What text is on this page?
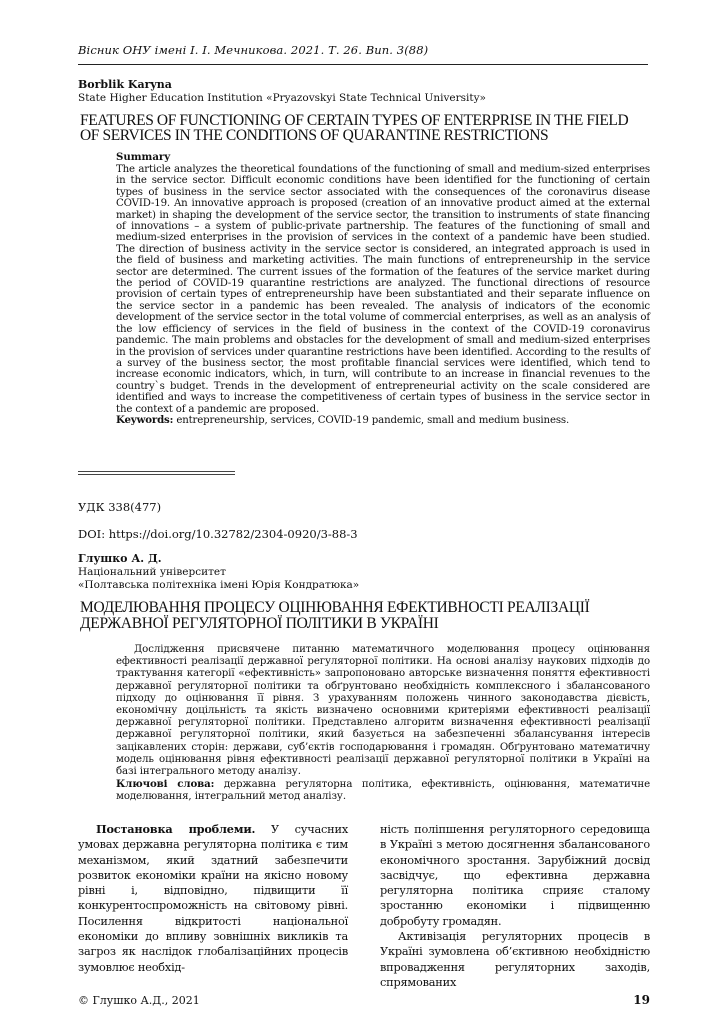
Вісник ОНУ імені І. І. Мечникова. 2021. Т. 26. Вип. 3(88)
Borblik Karyna
State Higher Education Institution «Pryazovskyi State Technical University»
FEATURES OF FUNCTIONING OF CERTAIN TYPES OF ENTERPRISE IN THE FIELD OF SERVICES IN THE CONDITIONS OF QUARANTINE RESTRICTIONS
Summary
The article analyzes the theoretical foundations of the functioning of small and medium-sized enterprises in the service sector. Difficult economic conditions have been identified for the functioning of certain types of business in the service sector associated with the consequences of the coronavirus disease COVID-19. An innovative approach is proposed (creation of an innovative product aimed at the external market) in shaping the development of the service sector, the transition to instruments of state financing of innovations – a system of public-private partnership. The features of the functioning of small and medium-sized enterprises in the provision of services in the context of a pandemic have been studied. The direction of business activity in the service sector is considered, an integrated approach is used in the field of business and marketing activities. The main functions of entrepreneurship in the service sector are determined. The current issues of the formation of the features of the service market during the period of COVID-19 quarantine restrictions are analyzed. The functional directions of resource provision of certain types of entrepreneurship have been substantiated and their separate influence on the service sector in a pandemic has been revealed. The analysis of indicators of the economic development of the service sector in the total volume of commercial enterprises, as well as an analysis of the low efficiency of services in the field of business in the context of the COVID-19 coronavirus pandemic. The main problems and obstacles for the development of small and medium-sized enterprises in the provision of services under quarantine restrictions have been identified. According to the results of a survey of the business sector, the most profitable financial services were identified, which tend to increase economic indicators, which, in turn, will contribute to an increase in financial revenues to the country`s budget. Trends in the development of entrepreneurial activity on the scale considered are identified and ways to increase the competitiveness of certain types of business in the service sector in the context of a pandemic are proposed.
Keywords: entrepreneurship, services, COVID-19 pandemic, small and medium business.
УДК 338(477)
DOI: https://doi.org/10.32782/2304-0920/3-88-3
Глушко А. Д.
Національний університет
«Полтавська політехніка імені Юрія Кондратюка»
МОДЕЛЮВАННЯ ПРОЦЕСУ ОЦІНЮВАННЯ ЕФЕКТИВНОСТІ РЕАЛІЗАЦІЇ ДЕРЖАВНОЇ РЕГУЛЯТОРНОЇ ПОЛІТИКИ В УКРАЇНІ
Дослідження присвячене питанню математичного моделювання процесу оцінювання ефективності реалізації державної регуляторної політики. На основі аналізу наукових підходів до трактування категорії «ефективність» запропоновано авторське визначення поняття ефективності державної регуляторної політики та обґрунтовано необхідність комплексного і збалансованого підходу до оцінювання її рівня. З урахуванням положень чинного законодавства дієвість, економічну доцільність та якість визначено основними критеріями ефективності реалізації державної регуляторної політики. Представлено алгоритм визначення ефективності реалізації державної регуляторної політики, який базується на забезпеченні збалансування інтересів зацікавлених сторін: держави, суб’єктів господарювання і громадян. Обґрунтовано математичну модель оцінювання рівня ефективності реалізації державної регуляторної політики в Україні на базі інтегрального методу аналізу.
Ключові слова: державна регуляторна політика, ефективність, оцінювання, математичне моделювання, інтегральний метод аналізу.

Постановка проблеми. У сучасних умовах державна регуляторна політика є тим механізмом, який здатний забезпечити розвиток економіки країни на якісно новому рівні і, відповідно, підвищити її конкурентоспроможність на світовому рівні. Посилення відкритості національної економіки до впливу зовнішніх викликів та загроз як наслідок глобалізаційних процесів зумовлює необхід-

ність поліпшення регуляторного середовища в Україні з метою досягнення збалансованого економічного зростання. Зарубіжний досвід засвідчує, що ефективна державна регуляторна політика сприяє сталому зростанню економіки і підвищенню добробуту громадян.

Активізація регуляторних процесів в Україні зумовлена об’єктивною необхідністю впровадження регуляторних заходів, спрямованих

© Глушко А.Д., 2021	19
